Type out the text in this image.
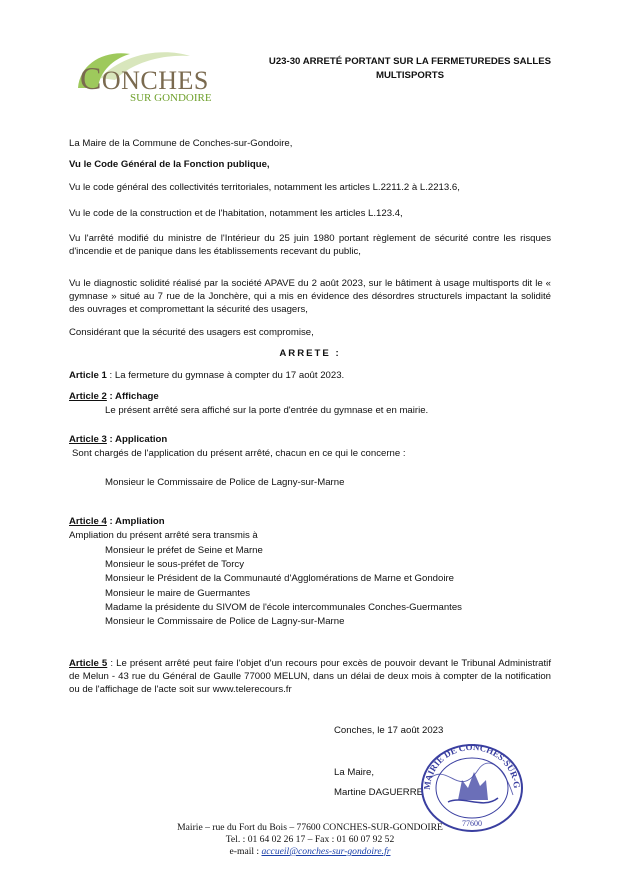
CONCHES
SUR GONDOIRE
U23-30 ARRETÉ PORTANT SUR LA FERMETUREDES SALLES
MULTISPORTS

La Maire de la Commune de Conches-sur-Gondoire,

Vu le Code Général de la Fonction publique,

Vu le code général des collectivités territoriales, notamment les articles L.2211.2 à L.2213.6,

Vu le code de la construction et de l'habitation, notamment les articles L.123.4,

Vu l'arrêté modifié du ministre de l'Intérieur du 25 juin 1980 portant règlement de sécurité contre les risques d'incendie et de panique dans les établissements recevant du public,

Vu le diagnostic solidité réalisé par la société APAVE du 2 août 2023, sur le bâtiment à usage multisports dit le « gymnase » situé au 7 rue de la Jonchère, qui a mis en évidence des désordres structurels impactant la solidité des ouvrages et compromettant la sécurité des usagers,

Considérant que la sécurité des usagers est compromise,

ARRETE :

Article 1 : La fermeture du gymnase à compter du 17 août 2023.

Article 2 : Affichage

Le présent arrêté sera affiché sur la porte d'entrée du gymnase et en mairie.

Article 3 : Application

Sont chargés de l'application du présent arrêté, chacun en ce qui le concerne :

Monsieur le Commissaire de Police de Lagny-sur-Marne

Article 4 : Ampliation

Ampliation du présent arrêté sera transmis à

Monsieur le préfet de Seine et Marne

Monsieur le sous-préfet de Torcy

Monsieur le Président de la Communauté d'Agglomérations de Marne et Gondoire

Monsieur le maire de Guermantes

Madame la présidente du SIVOM de l'école intercommunales Conches-Guermantes

Monsieur le Commissaire de Police de Lagny-sur-Marne

Article 5 : Le présent arrêté peut faire l'objet d'un recours pour excès de pouvoir devant le Tribunal Administratif de Melun - 43 rue du Général de Gaulle 77000 MELUN, dans un délai de deux mois à compter de la notification ou de l'affichage de l'acte soit sur www.telerecours.fr

Conches, le 17 août 2023

La Maire,

Martine DAGUERRE

MAIRIE DE CONCHES-SUR-G
77600
Mairie – rue du Fort du Bois – 77600 CONCHES-SUR-GONDOIRE
Tel. : 01 64 02 26 17 – Fax : 01 60 07 92 52
e-mail : accueil@conches-sur-gondoire.fr
